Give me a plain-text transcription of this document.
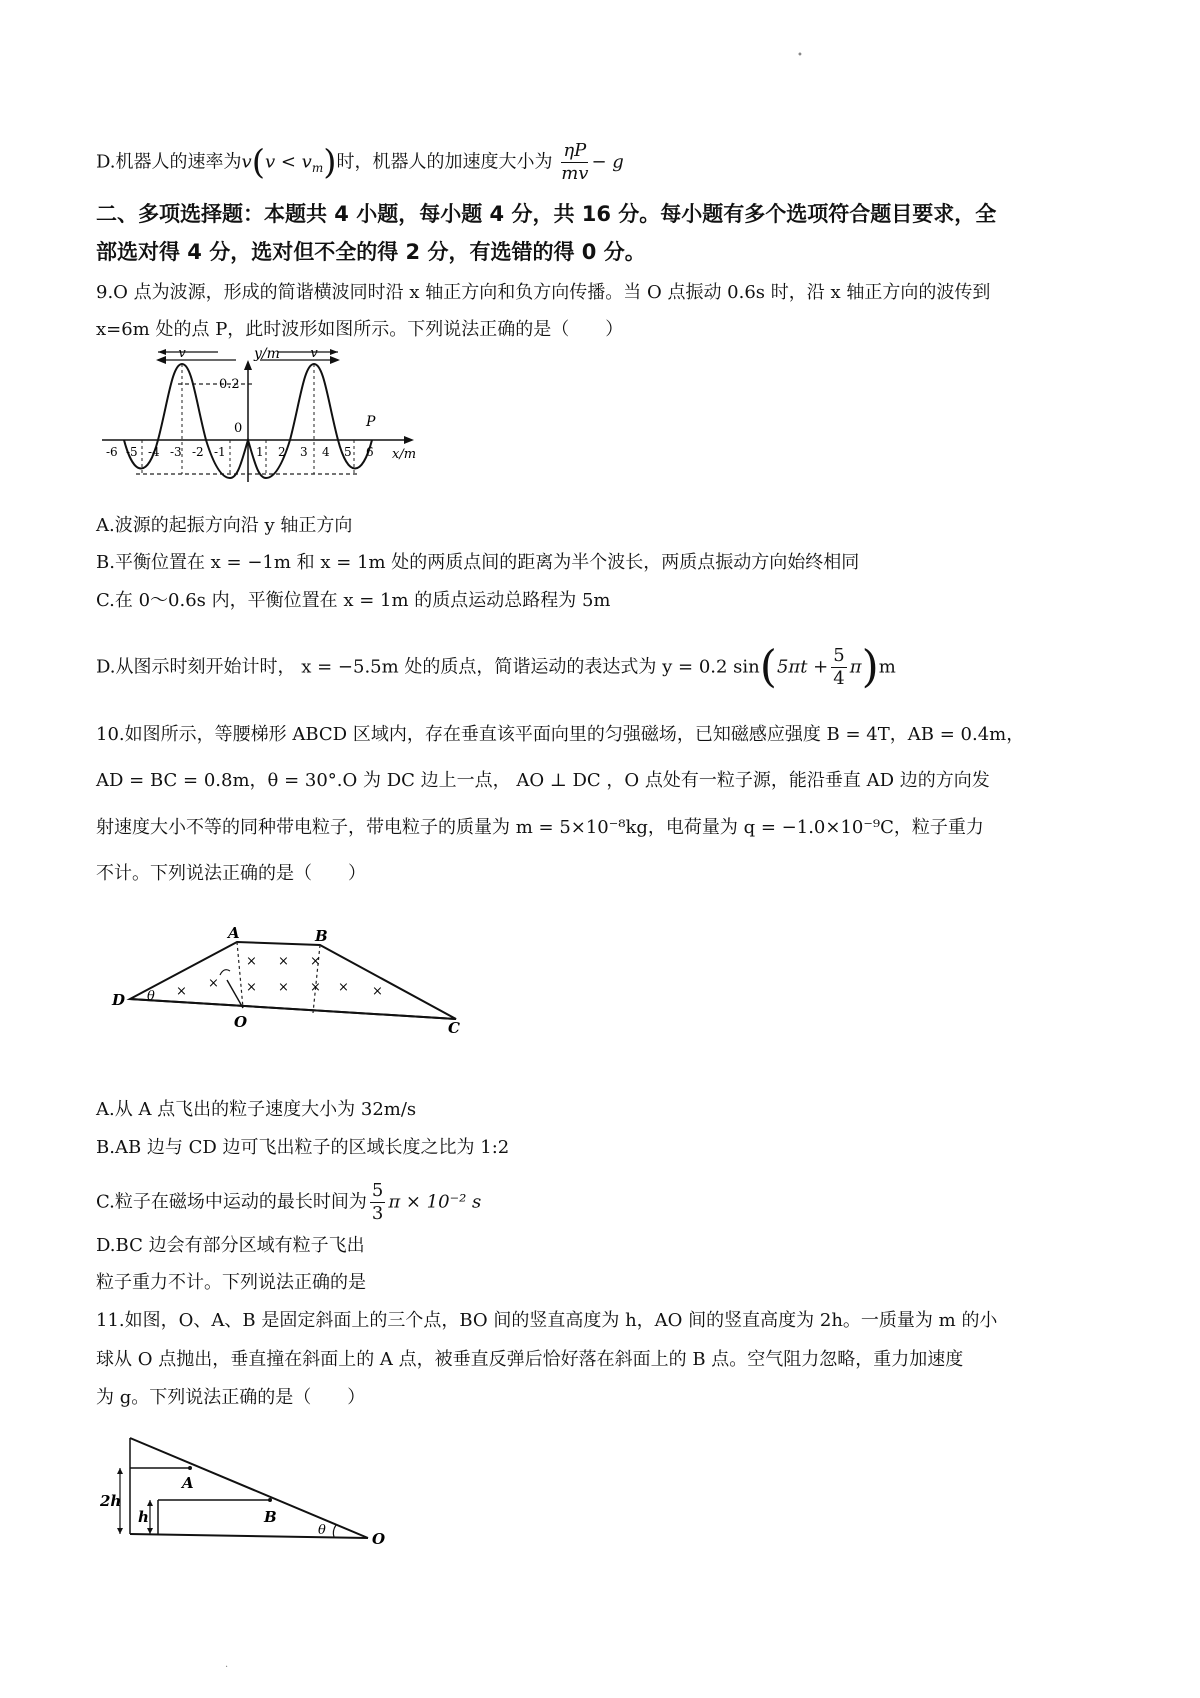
•
D.机器人的速率为$v(v < v_m)$时，机器人的加速度大小为 $\frac{\eta P}{mv} - g$
二、多项选择题：本题共 4 小题，每小题 4 分，共 16 分。每小题有多个选项符合题目要求，全
部选对得 4 分，选对但不全的得 2 分，有选错的得 0 分。
9.O 点为波源，形成的简谐横波同时沿 x 轴正方向和负方向传播。当 O 点振动 0.6s 时，沿 x 轴正方向的波传到
x=6m 处的点 P，此时波形如图所示。下列说法正确的是（　　）
v	v
y/m
0.2
0	P
x/m
-6 -5 -4 -3 -2 -1	1 2 3 4 5 6
A.波源的起振方向沿 y 轴正方向
B.平衡位置在 x = −1m 和 x = 1m 处的两质点间的距离为半个波长，两质点振动方向始终相同
C.在 0～0.6s 内，平衡位置在 x = 1m 的质点运动总路程为 5m
D.从图示时刻开始计时， x = −5.5m 处的质点，简谐运动的表达式为 y = 0.2 $\sin(5\pi t + \frac{5}{4} \pi)m$
10.如图所示，等腰梯形 ABCD 区域内，存在垂直该平面向里的匀强磁场，已知磁感应强度 B = 4T，AB = 0.4m，
AD = BC = 0.8m，θ = 30°.O 为 DC 边上一点， AO ⊥ DC ，O 点处有一粒子源，能沿垂直 AD 边的方向发
射速度大小不等的同种带电粒子，带电粒子的质量为 m = 5×10⁻⁸kg，电荷量为 q = −1.0×10⁻⁹C，粒子重力
不计。下列说法正确的是（　　）
× × ×
× × × × ×
×
×
D θ
A	B
O	C
A.从 A 点飞出的粒子速度大小为 32m/s
B.AB 边与 CD 边可飞出粒子的区域长度之比为 1:2
C.粒子在磁场中运动的最长时间为 $\frac{5}{3}$ π × 10⁻² s
D.BC 边会有部分区域有粒子飞出
粒子重力不计。下列说法正确的是
11.如图，O、A、B 是固定斜面上的三个点，BO 间的竖直高度为 h，AO 间的竖直高度为 2h。一质量为 m 的小
球从 O 点抛出，垂直撞在斜面上的 A 点，被垂直反弹后恰好落在斜面上的 B 点。空气阻力忽略，重力加速度
为 g。下列说法正确的是（　　）
2h
h
A
B
θ	O
·
